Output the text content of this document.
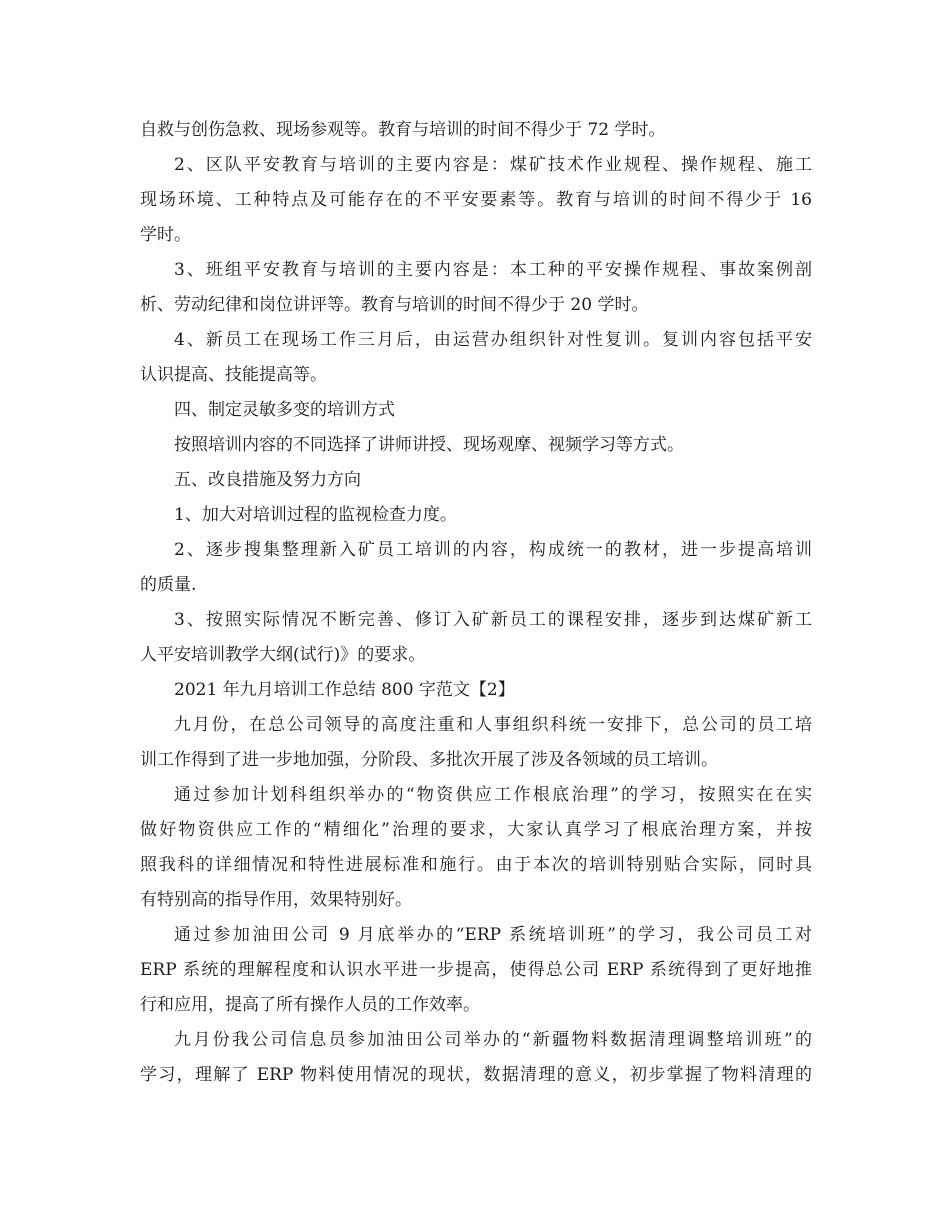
自救与创伤急救、现场参观等。教育与培训的时间不得少于 72 学时。
2、区队平安教育与培训的主要内容是：煤矿技术作业规程、操作规程、施工
现场环境、工种特点及可能存在的不平安要素等。教育与培训的时间不得少于 16
学时。
3、班组平安教育与培训的主要内容是：本工种的平安操作规程、事故案例剖
析、劳动纪律和岗位讲评等。教育与培训的时间不得少于 20 学时。
4、新员工在现场工作三月后，由运营办组织针对性复训。复训内容包括平安
认识提高、技能提高等。
四、制定灵敏多变的培训方式
按照培训内容的不同选择了讲师讲授、现场观摩、视频学习等方式。
五、改良措施及努力方向
1、加大对培训过程的监视检查力度。
2、逐步搜集整理新入矿员工培训的内容，构成统一的教材，进一步提高培训
的质量.
3、按照实际情况不断完善、修订入矿新员工的课程安排，逐步到达煤矿新工
人平安培训教学大纲(试行)》的要求。
2021 年九月培训工作总结 800 字范文【2】
九月份，在总公司领导的高度注重和人事组织科统一安排下，总公司的员工培
训工作得到了进一步地加强，分阶段、多批次开展了涉及各领域的员工培训。
通过参加计划科组织举办的“物资供应工作根底治理”的学习，按照实在在实
做好物资供应工作的“精细化”治理的要求，大家认真学习了根底治理方案，并按
照我科的详细情况和特性进展标准和施行。由于本次的培训特别贴合实际，同时具
有特别高的指导作用，效果特别好。
通过参加油田公司 9 月底举办的“ERP 系统培训班”的学习，我公司员工对
ERP 系统的理解程度和认识水平进一步提高，使得总公司 ERP 系统得到了更好地推
行和应用，提高了所有操作人员的工作效率。
九月份我公司信息员参加油田公司举办的“新疆物料数据清理调整培训班”的
学习，理解了 ERP 物料使用情况的现状，数据清理的意义，初步掌握了物料清理的
